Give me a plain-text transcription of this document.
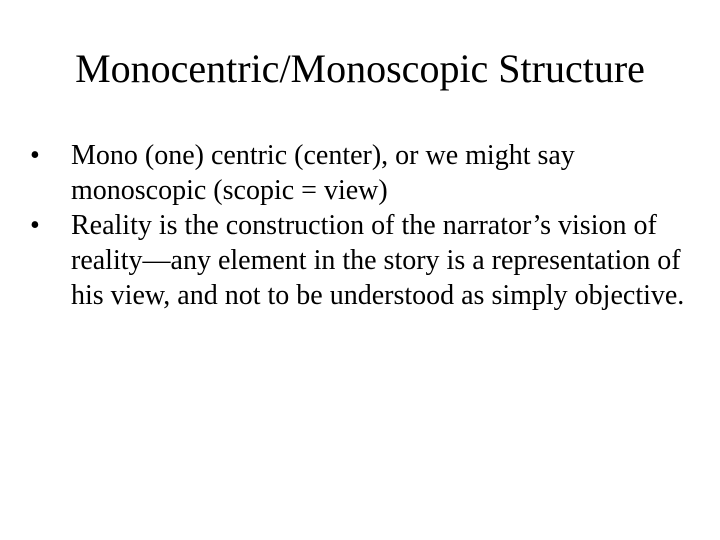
Monocentric/Monoscopic Structure
•	Mono (one) centric (center), or we might say monoscopic (scopic = view)
•	Reality is the construction of the narrator’s vision of reality—any element in the story is a representation of his view, and not to be understood as simply objective.
